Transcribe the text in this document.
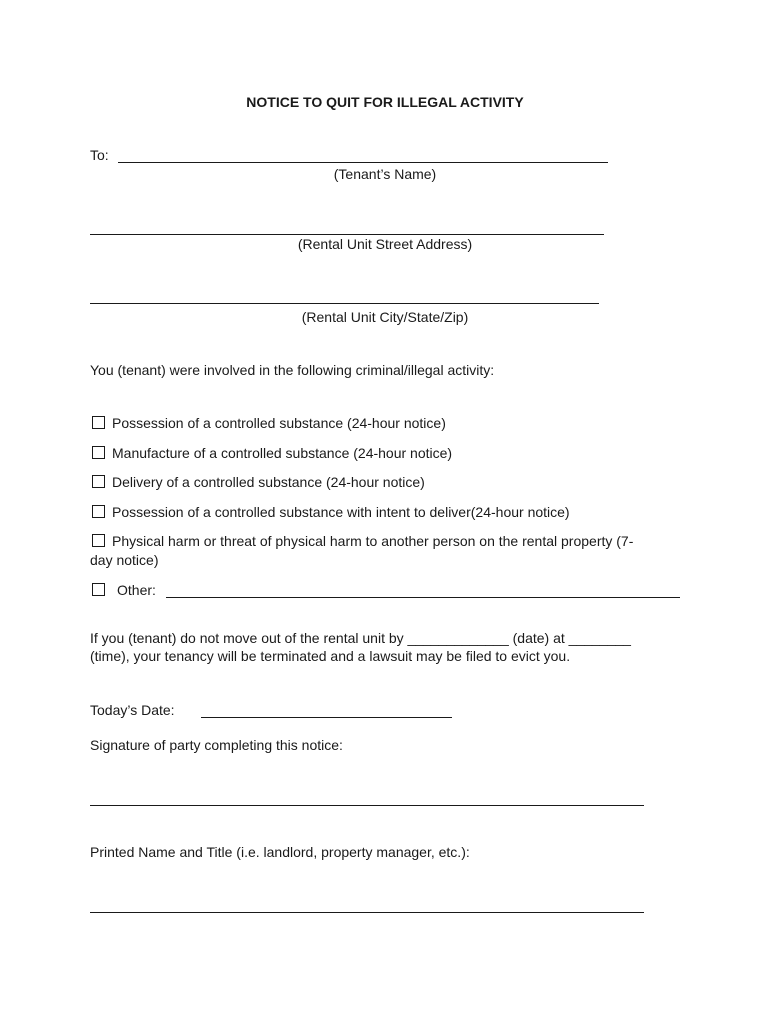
NOTICE TO QUIT FOR ILLEGAL ACTIVITY
To:
(Tenant’s Name)
(Rental Unit Street Address)
(Rental Unit City/State/Zip)
You (tenant) were involved in the following criminal/illegal activity:
Possession of a controlled substance (24-hour notice)
Manufacture of a controlled substance (24-hour notice)
Delivery of a controlled substance (24-hour notice)
Possession of a controlled substance with intent to deliver(24-hour notice)
Physical harm or threat of physical harm to another person on the rental property (7-
day notice)
Other:
If you (tenant) do not move out of the rental unit by _____________ (date) at ________
(time), your tenancy will be terminated and a lawsuit may be filed to evict you.
Today’s Date:
Signature of party completing this notice:
Printed Name and Title (i.e. landlord, property manager, etc.):
